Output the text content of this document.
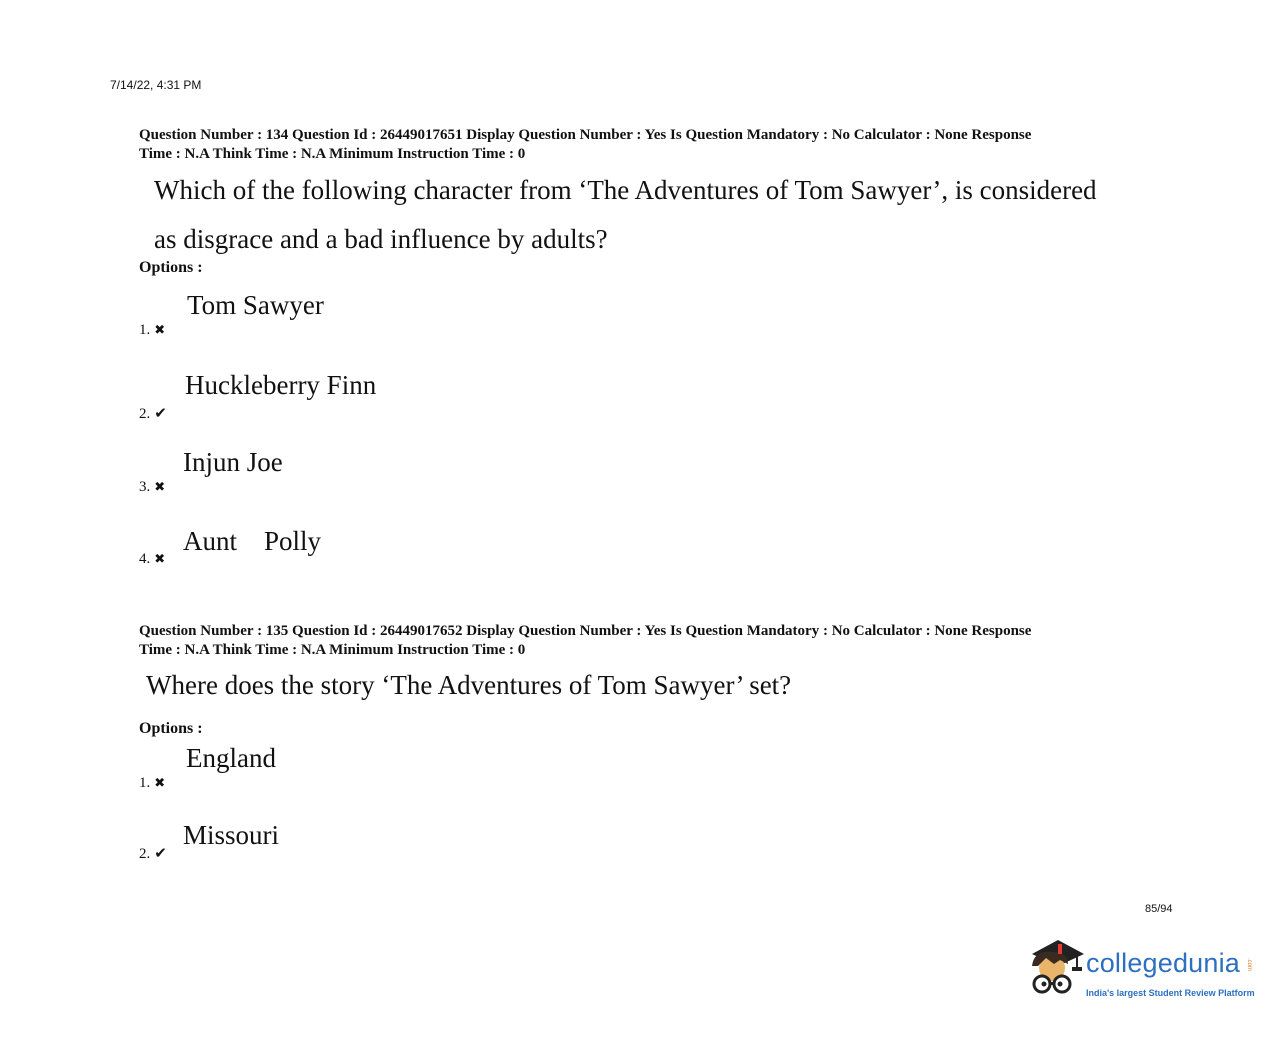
7/14/22, 4:31 PM
Question Number : 134 Question Id : 26449017651 Display Question Number : Yes Is Question Mandatory : No Calculator : None Response
Time : N.A Think Time : N.A Minimum Instruction Time : 0
Which of the following character from ‘The Adventures of Tom Sawyer’, is considered
as disgrace and a bad influence by adults?
Options :
Tom Sawyer
1. ✖
Huckleberry Finn
2. ✔
Injun Joe
3. ✖
Aunt    Polly
4. ✖
Question Number : 135 Question Id : 26449017652 Display Question Number : Yes Is Question Mandatory : No Calculator : None Response
Time : N.A Think Time : N.A Minimum Instruction Time : 0
Where does the story ‘The Adventures of Tom Sawyer’ set?
Options :
England
1. ✖
Missouri
2. ✔
85/94
collegedunia .com
India's largest Student Review Platform
